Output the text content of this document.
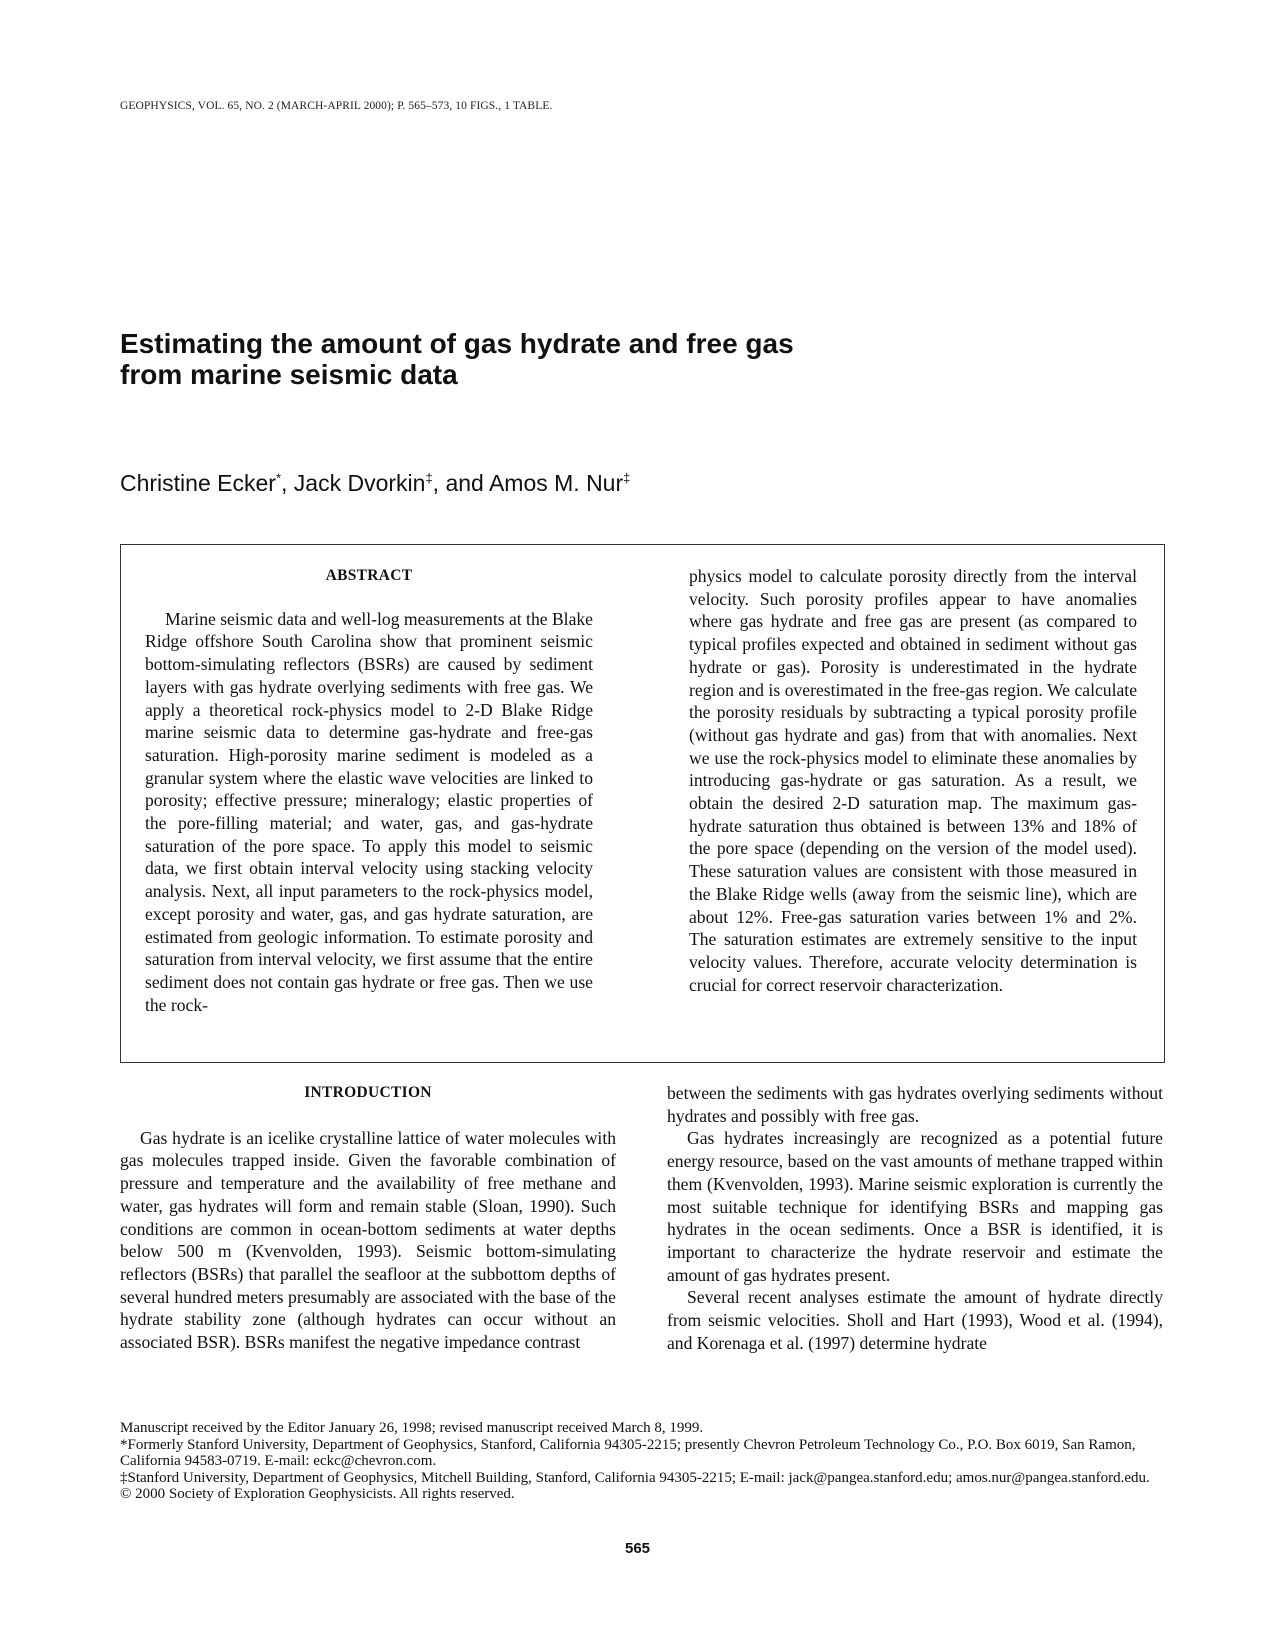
GEOPHYSICS, VOL. 65, NO. 2 (MARCH-APRIL 2000); P. 565–573, 10 FIGS., 1 TABLE.
Estimating the amount of gas hydrate and free gas
from marine seismic data
Christine Ecker*, Jack Dvorkin‡, and Amos M. Nur‡
ABSTRACT

Marine seismic data and well-log measurements at the Blake Ridge offshore South Carolina show that prominent seismic bottom-simulating reflectors (BSRs) are caused by sediment layers with gas hydrate overlying sediments with free gas. We apply a theoretical rock-physics model to 2-D Blake Ridge marine seismic data to determine gas-hydrate and free-gas saturation. High-porosity marine sediment is modeled as a granular system where the elastic wave velocities are linked to porosity; effective pressure; mineralogy; elastic properties of the pore-filling material; and water, gas, and gas-hydrate saturation of the pore space. To apply this model to seismic data, we first obtain interval velocity using stacking velocity analysis. Next, all input parameters to the rock-physics model, except porosity and water, gas, and gas hydrate saturation, are estimated from geologic information. To estimate porosity and saturation from interval velocity, we first assume that the entire sediment does not contain gas hydrate or free gas. Then we use the rock-

physics model to calculate porosity directly from the interval velocity. Such porosity profiles appear to have anomalies where gas hydrate and free gas are present (as compared to typical profiles expected and obtained in sediment without gas hydrate or gas). Porosity is underestimated in the hydrate region and is overestimated in the free-gas region. We calculate the porosity residuals by subtracting a typical porosity profile (without gas hydrate and gas) from that with anomalies. Next we use the rock-physics model to eliminate these anomalies by introducing gas-hydrate or gas saturation. As a result, we obtain the desired 2-D saturation map. The maximum gas-hydrate saturation thus obtained is between 13% and 18% of the pore space (depending on the version of the model used). These saturation values are consistent with those measured in the Blake Ridge wells (away from the seismic line), which are about 12%. Free-gas saturation varies between 1% and 2%. The saturation estimates are extremely sensitive to the input velocity values. Therefore, accurate velocity determination is crucial for correct reservoir characterization.

INTRODUCTION

Gas hydrate is an icelike crystalline lattice of water molecules with gas molecules trapped inside. Given the favorable combination of pressure and temperature and the availability of free methane and water, gas hydrates will form and remain stable (Sloan, 1990). Such conditions are common in ocean-bottom sediments at water depths below 500 m (Kvenvolden, 1993). Seismic bottom-simulating reflectors (BSRs) that parallel the seafloor at the subbottom depths of several hundred meters presumably are associated with the base of the hydrate stability zone (although hydrates can occur without an associated BSR). BSRs manifest the negative impedance contrast

between the sediments with gas hydrates overlying sediments without hydrates and possibly with free gas.

Gas hydrates increasingly are recognized as a potential future energy resource, based on the vast amounts of methane trapped within them (Kvenvolden, 1993). Marine seismic exploration is currently the most suitable technique for identifying BSRs and mapping gas hydrates in the ocean sediments. Once a BSR is identified, it is important to characterize the hydrate reservoir and estimate the amount of gas hydrates present.

Several recent analyses estimate the amount of hydrate directly from seismic velocities. Sholl and Hart (1993), Wood et al. (1994), and Korenaga et al. (1997) determine hydrate

Manuscript received by the Editor January 26, 1998; revised manuscript received March 8, 1999.

*Formerly Stanford University, Department of Geophysics, Stanford, California 94305-2215; presently Chevron Petroleum Technology Co., P.O. Box 6019, San Ramon, California 94583-0719. E-mail: eckc@chevron.com.

‡Stanford University, Department of Geophysics, Mitchell Building, Stanford, California 94305-2215; E-mail: jack@pangea.stanford.edu; amos.nur@pangea.stanford.edu.

© 2000 Society of Exploration Geophysicists. All rights reserved.

565
